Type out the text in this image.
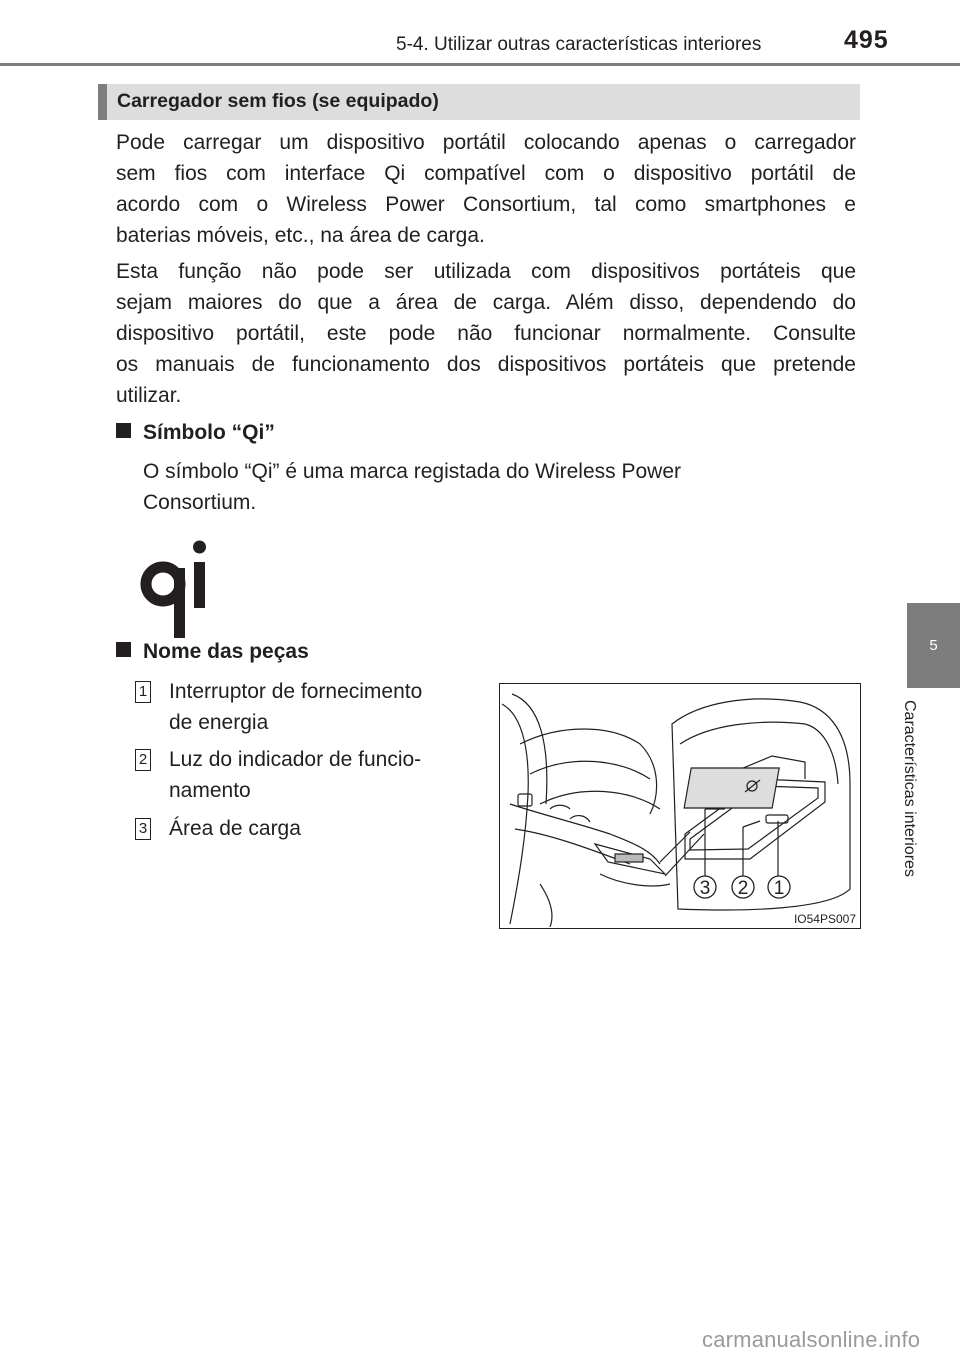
5-4. Utilizar outras características interiores	495
5
Características interiores
Carregador sem fios (se equipado)
Pode carregar um dispositivo portátil colocando apenas o carregador
sem fios com interface Qi compatível com o dispositivo portátil de
acordo com o Wireless Power Consortium, tal como smartphones e
baterias móveis, etc., na área de carga.
Esta função não pode ser utilizada com dispositivos portáteis que
sejam maiores do que a área de carga. Além disso, dependendo do
dispositivo portátil, este pode não funcionar normalmente. Consulte
os manuais de funcionamento dos dispositivos portáteis que pretende
utilizar.
Símbolo “Qi”
O símbolo “Qi” é uma marca registada do Wireless Power
Consortium.
Nome das peças
1 Interruptor de fornecimento
de energia
2 Luz do indicador de funcio-
namento
3 Área de carga
3 2 1
IO54PS007
carmanualsonline.info
